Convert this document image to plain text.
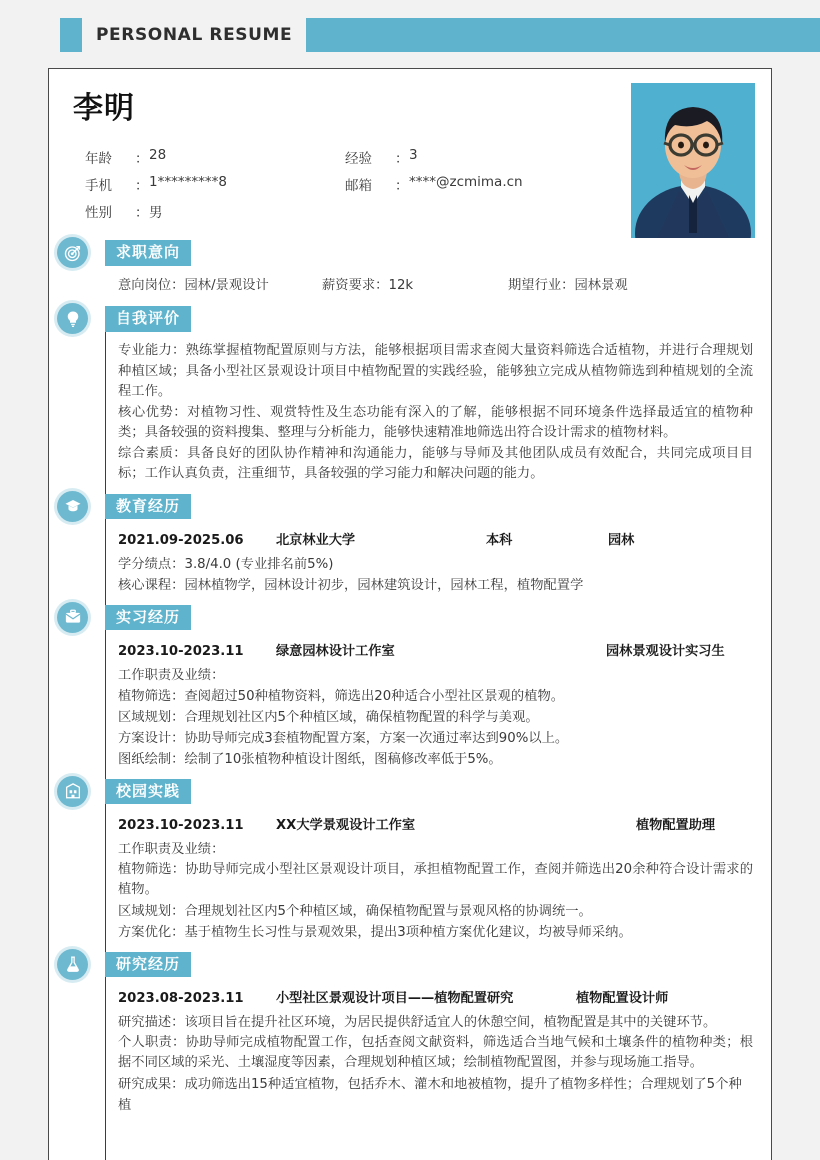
PERSONAL RESUME
李明
年龄	： 28	经验	： 3
手机	： 1*********8	邮箱	： ****@zcmima.cn
性别	： 男
求职意向
意向岗位：园林/景观设计	薪资要求：12k	期望行业：园林景观
自我评价
专业能力：熟练掌握植物配置原则与方法，能够根据项目需求查阅大量资料筛选合适植物，并进行合理规划种植区域；具备小型社区景观设计项目中植物配置的实践经验，能够独立完成从植物筛选到种植规划的全流程工作。
核心优势：对植物习性、观赏特性及生态功能有深入的了解，能够根据不同环境条件选择最适宜的植物种类；具备较强的资料搜集、整理与分析能力，能够快速精准地筛选出符合设计需求的植物材料。
综合素质：具备良好的团队协作精神和沟通能力，能够与导师及其他团队成员有效配合，共同完成项目目标；工作认真负责，注重细节，具备较强的学习能力和解决问题的能力。
教育经历
2021.09-2025.06	北京林业大学	本科	园林
学分绩点：3.8/4.0 (专业排名前5%)
核心课程：园林植物学，园林设计初步，园林建筑设计，园林工程，植物配置学
实习经历
2023.10-2023.11	绿意园林设计工作室	园林景观设计实习生
工作职责及业绩：
植物筛选：查阅超过50种植物资料，筛选出20种适合小型社区景观的植物。
区域规划：合理规划社区内5个种植区域，确保植物配置的科学与美观。
方案设计：协助导师完成3套植物配置方案，方案一次通过率达到90%以上。
图纸绘制：绘制了10张植物种植设计图纸，图稿修改率低于5%。
校园实践
2023.10-2023.11	XX大学景观设计工作室	植物配置助理
工作职责及业绩：
植物筛选：协助导师完成小型社区景观设计项目，承担植物配置工作，查阅并筛选出20余种符合设计需求的植物。
区域规划：合理规划社区内5个种植区域，确保植物配置与景观风格的协调统一。
方案优化：基于植物生长习性与景观效果，提出3项种植方案优化建议，均被导师采纳。
研究经历
2023.08-2023.11	小型社区景观设计项目——植物配置研究	植物配置设计师
研究描述：该项目旨在提升社区环境，为居民提供舒适宜人的休憩空间，植物配置是其中的关键环节。
个人职责：协助导师完成植物配置工作，包括查阅文献资料，筛选适合当地气候和土壤条件的植物种类；根据不同区域的采光、土壤湿度等因素，合理规划种植区域；绘制植物配置图，并参与现场施工指导。
研究成果：成功筛选出15种适宜植物，包括乔木、灌木和地被植物，提升了植物多样性；合理规划了5个种植
